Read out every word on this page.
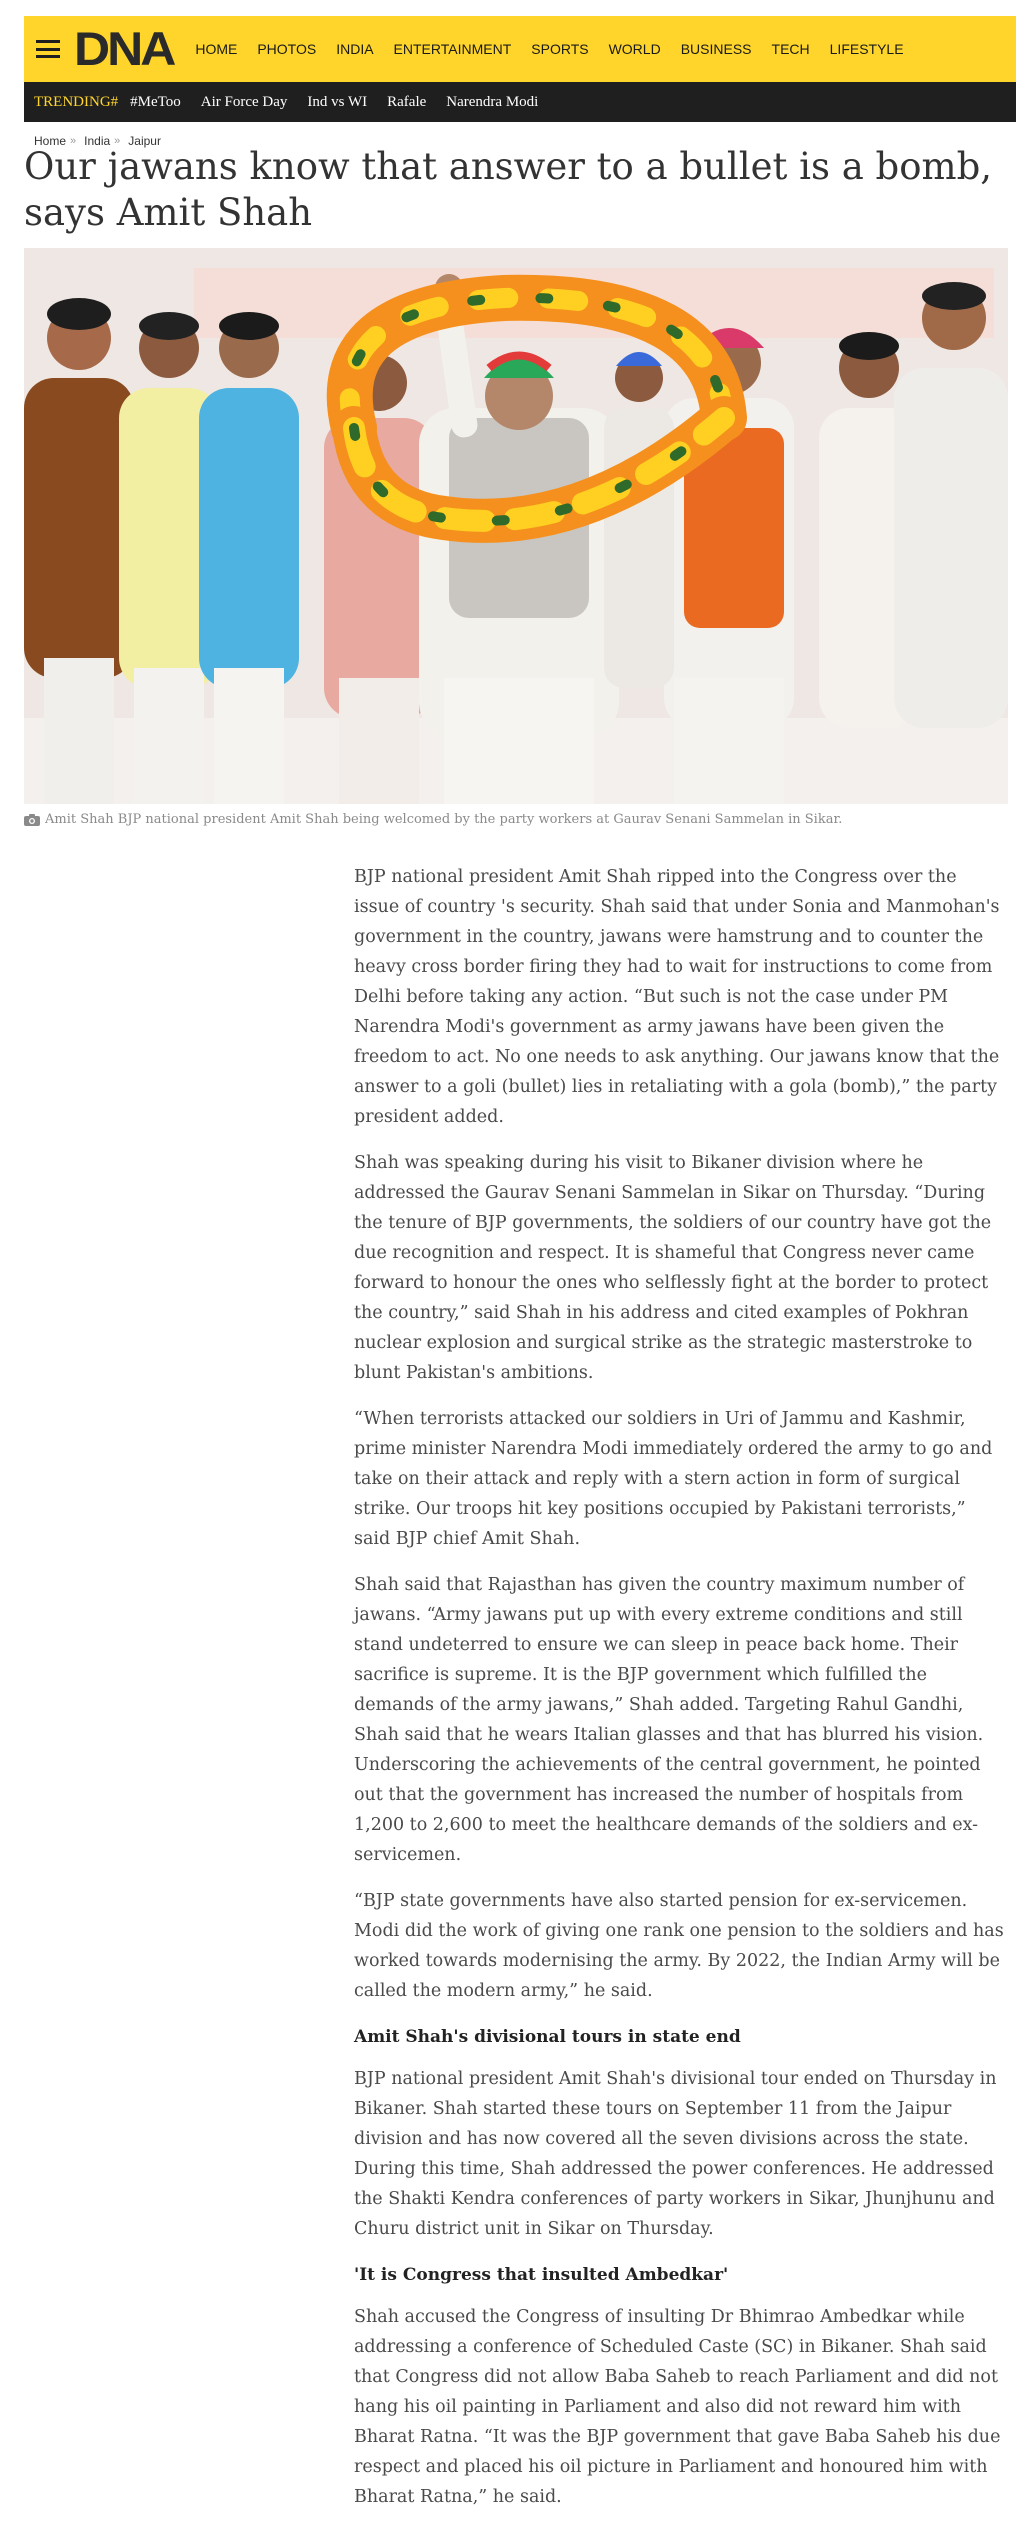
DNA HOME PHOTOS INDIA ENTERTAINMENT SPORTS WORLD BUSINESS TECH LIFESTYLE
TRENDING# #MeToo Air Force Day Ind vs WI Rafale Narendra Modi
Home » India » Jaipur
Our jawans know that answer to a bullet is a bomb, says Amit Shah
Amit Shah BJP national president Amit Shah being welcomed by the party workers at Gaurav Senani Sammelan in Sikar.

BJP national president Amit Shah ripped into the Congress over the issue of country 's security. Shah said that under Sonia and Manmohan's government in the country, jawans were hamstrung and to counter the heavy cross border firing they had to wait for instructions to come from Delhi before taking any action. “But such is not the case under PM Narendra Modi's government as army jawans have been given the freedom to act. No one needs to ask anything. Our jawans know that the answer to a goli (bullet) lies in retaliating with a gola (bomb),” the party president added.

Shah was speaking during his visit to Bikaner division where he addressed the Gaurav Senani Sammelan in Sikar on Thursday. “During the tenure of BJP governments, the soldiers of our country have got the due recognition and respect. It is shameful that Congress never came forward to honour the ones who selflessly fight at the border to protect the country,” said Shah in his address and cited examples of Pokhran nuclear explosion and surgical strike as the strategic masterstroke to blunt Pakistan's ambitions.

“When terrorists attacked our soldiers in Uri of Jammu and Kashmir, prime minister Narendra Modi immediately ordered the army to go and take on their attack and reply with a stern action in form of surgical strike. Our troops hit key positions occupied by Pakistani terrorists,” said BJP chief Amit Shah.

Shah said that Rajasthan has given the country maximum number of jawans. “Army jawans put up with every extreme conditions and still stand undeterred to ensure we can sleep in peace back home. Their sacrifice is supreme. It is the BJP government which fulfilled the demands of the army jawans,” Shah added. Targeting Rahul Gandhi, Shah said that he wears Italian glasses and that has blurred his vision. Underscoring the achievements of the central government, he pointed out that the government has increased the number of hospitals from 1,200 to 2,600 to meet the healthcare demands of the soldiers and ex-servicemen.

“BJP state governments have also started pension for ex-servicemen. Modi did the work of giving one rank one pension to the soldiers and has worked towards modernising the army. By 2022, the Indian Army will be called the modern army,” he said.

Amit Shah's divisional tours in state end

BJP national president Amit Shah's divisional tour ended on Thursday in Bikaner. Shah started these tours on September 11 from the Jaipur division and has now covered all the seven divisions across the state. During this time, Shah addressed the power conferences. He addressed the Shakti Kendra conferences of party workers in Sikar, Jhunjhunu and Churu district unit in Sikar on Thursday.

'It is Congress that insulted Ambedkar'

Shah accused the Congress of insulting Dr Bhimrao Ambedkar while addressing a conference of Scheduled Caste (SC) in Bikaner. Shah said that Congress did not allow Baba Saheb to reach Parliament and did not hang his oil painting in Parliament and also did not reward him with Bharat Ratna. “It was the BJP government that gave Baba Saheb his due respect and placed his oil picture in Parliament and honoured him with Bharat Ratna,” he said.
